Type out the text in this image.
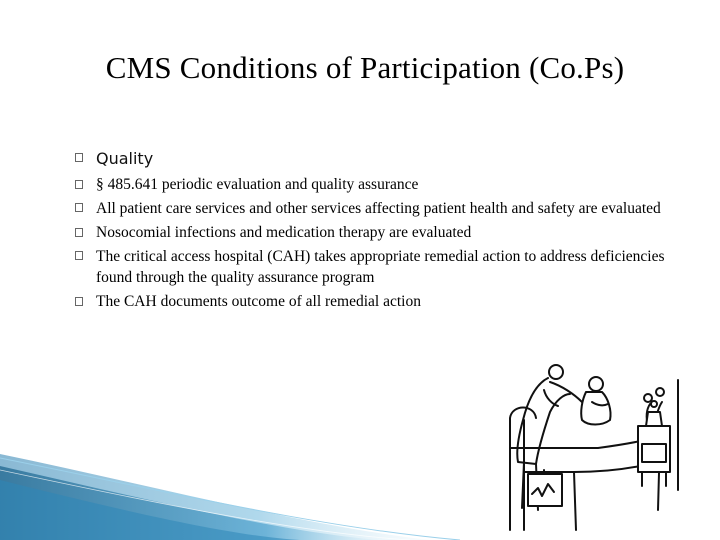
CMS Conditions of Participation (Co.Ps)
Quality
§ 485.641 periodic evaluation and quality assurance
All patient care services and other services affecting patient health and safety are evaluated
Nosocomial infections and medication therapy are evaluated
The critical access hospital (CAH) takes appropriate remedial action to address deficiencies found through the quality assurance program
The CAH documents outcome of all remedial action
